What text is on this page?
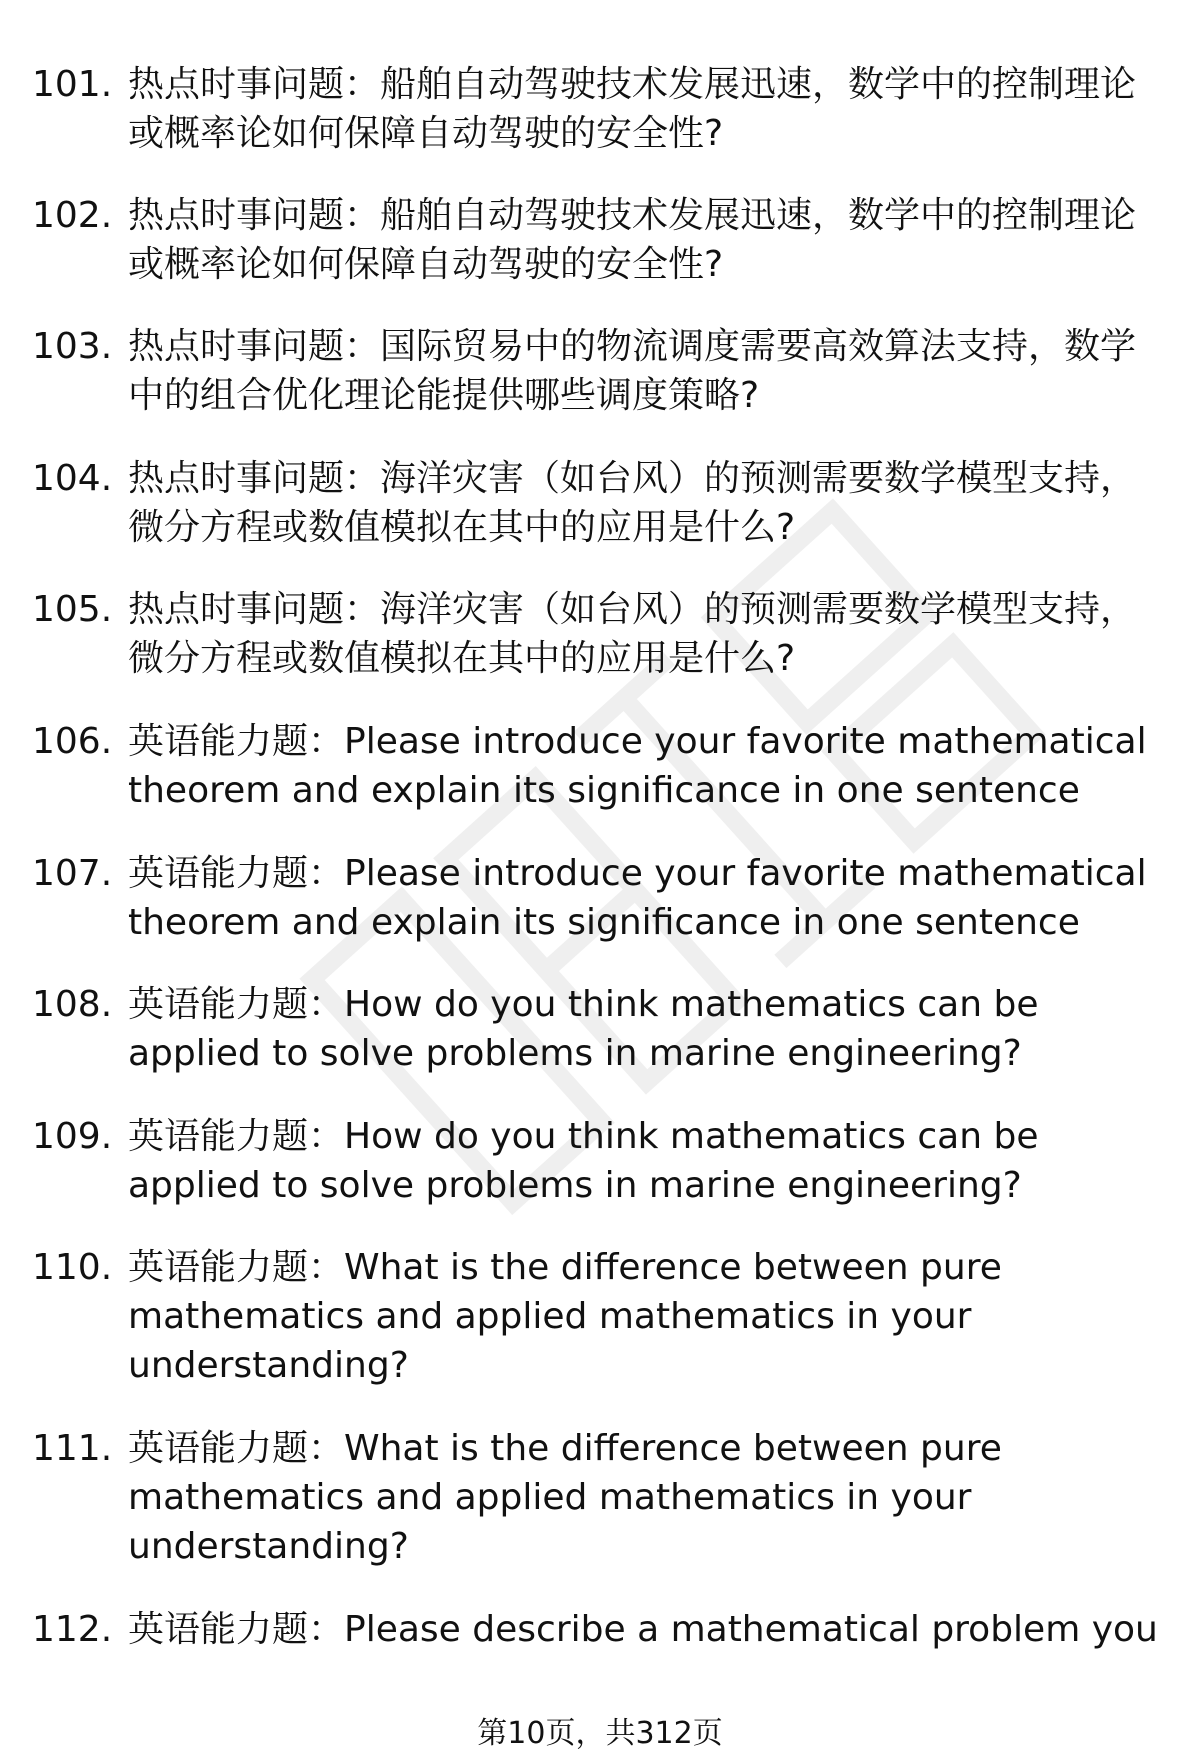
101. 热点时事问题：船舶自动驾驶技术发展迅速，数学中的控制理论或概率论如何保障自动驾驶的安全性?
102. 热点时事问题：船舶自动驾驶技术发展迅速，数学中的控制理论或概率论如何保障自动驾驶的安全性?
103. 热点时事问题：国际贸易中的物流调度需要高效算法支持，数学中的组合优化理论能提供哪些调度策略?
104. 热点时事问题：海洋灾害（如台风）的预测需要数学模型支持，微分方程或数值模拟在其中的应用是什么?
105. 热点时事问题：海洋灾害（如台风）的预测需要数学模型支持，微分方程或数值模拟在其中的应用是什么?
106. 英语能力题：Please introduce your favorite mathematical theorem and explain its significance in one sentence
107. 英语能力题：Please introduce your favorite mathematical theorem and explain its significance in one sentence
108. 英语能力题：How do you think mathematics can be applied to solve problems in marine engineering?
109. 英语能力题：How do you think mathematics can be applied to solve problems in marine engineering?
110. 英语能力题：What is the difference between pure mathematics and applied mathematics in your understanding?
111. 英语能力题：What is the difference between pure mathematics and applied mathematics in your understanding?
112. 英语能力题：Please describe a mathematical problem you
第10页，共312页
